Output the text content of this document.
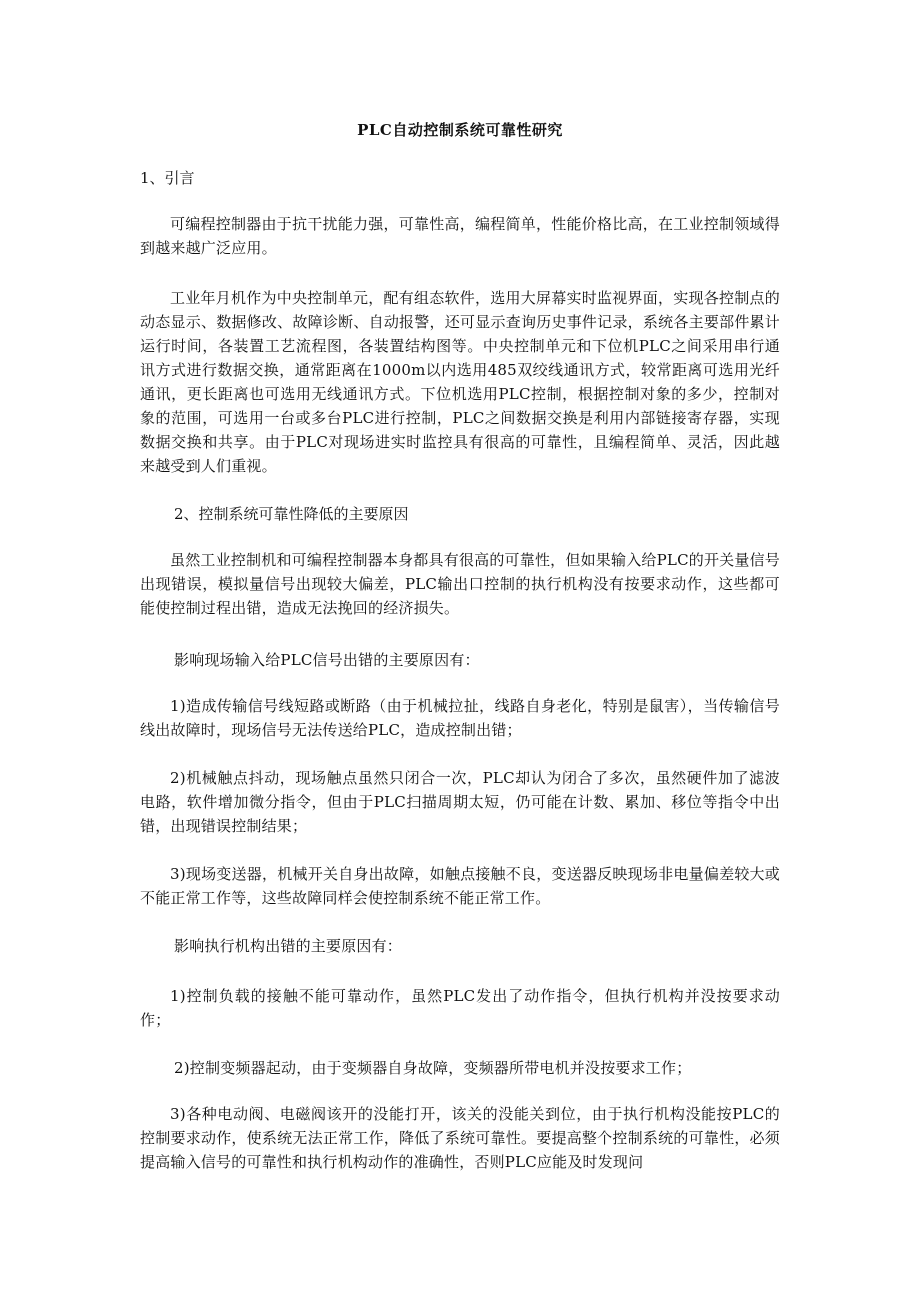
PLC自动控制系统可靠性研究
1、引言
可编程控制器由于抗干扰能力强，可靠性高，编程简单，性能价格比高，在工业控制领域得到越来越广泛应用。
工业年月机作为中央控制单元，配有组态软件，选用大屏幕实时监视界面，实现各控制点的动态显示、数据修改、故障诊断、自动报警，还可显示查询历史事件记录，系统各主要部件累计运行时间，各装置工艺流程图，各装置结构图等。中央控制单元和下位机PLC之间采用串行通讯方式进行数据交换，通常距离在1000m以内选用485双绞线通讯方式，较常距离可选用光纤通讯，更长距离也可选用无线通讯方式。下位机选用PLC控制，根据控制对象的多少，控制对象的范围，可选用一台或多台PLC进行控制，PLC之间数据交换是利用内部链接寄存器，实现数据交换和共享。由于PLC对现场进实时监控具有很高的可靠性，且编程简单、灵活，因此越来越受到人们重视。
2、控制系统可靠性降低的主要原因
虽然工业控制机和可编程控制器本身都具有很高的可靠性，但如果输入给PLC的开关量信号出现错误，模拟量信号出现较大偏差，PLC输出口控制的执行机构没有按要求动作，这些都可能使控制过程出错，造成无法挽回的经济损失。
影响现场输入给PLC信号出错的主要原因有：
1)造成传输信号线短路或断路（由于机械拉扯，线路自身老化，特别是鼠害），当传输信号线出故障时，现场信号无法传送给PLC，造成控制出错；
2)机械触点抖动，现场触点虽然只闭合一次，PLC却认为闭合了多次，虽然硬件加了滤波电路，软件增加微分指令，但由于PLC扫描周期太短，仍可能在计数、累加、移位等指令中出错，出现错误控制结果；
3)现场变送器，机械开关自身出故障，如触点接触不良，变送器反映现场非电量偏差较大或不能正常工作等，这些故障同样会使控制系统不能正常工作。
影响执行机构出错的主要原因有：
1)控制负载的接触不能可靠动作，虽然PLC发出了动作指令，但执行机构并没按要求动作；
2)控制变频器起动，由于变频器自身故障，变频器所带电机并没按要求工作；
3)各种电动阀、电磁阀该开的没能打开，该关的没能关到位，由于执行机构没能按PLC的控制要求动作，使系统无法正常工作，降低了系统可靠性。要提高整个控制系统的可靠性，必须提高输入信号的可靠性和执行机构动作的准确性，否则PLC应能及时发现问
